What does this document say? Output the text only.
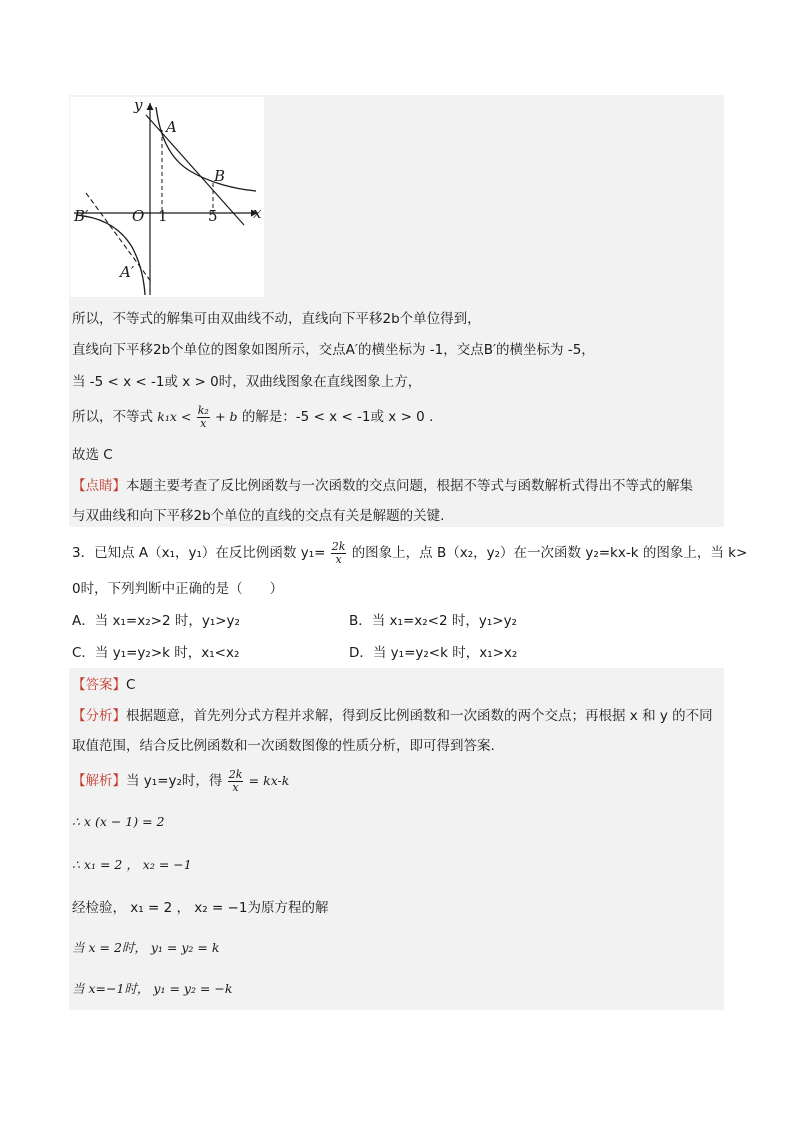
y
x
O
A
B
B′
A′
1	5
所以，不等式的解集可由双曲线不动，直线向下平移2b个单位得到，
直线向下平移2b个单位的图象如图所示，交点A′的横坐标为 -1，交点B′的横坐标为 -5，
当 -5 < x < -1或 x > 0时，双曲线图象在直线图象上方，
所以，不等式 $k_1x < \frac{\text{k₂}}{x} + b$ 的解是：-5 < x < -1或 x > 0 .
故选 C
【点睛】本题主要考查了反比例函数与一次函数的交点问题，根据不等式与函数解析式得出不等式的解集
与双曲线和向下平移2b个单位的直线的交点有关是解题的关键.
3．已知点 A（x₁，y₁）在反比例函数 $y_1= \frac{2k}{x}$ 的图象上，点 B（x₂，y₂）在一次函数 y₂=kx-k 的图象上，当 k>
0时，下列判断中正确的是（　　）
A．当 x₁=x₂>2 时，y₁>y₂	B．当 x₁=x₂<2 时，y₁>y₂
C．当 y₁=y₂>k 时，x₁<x₂	D．当 y₁=y₂<k 时，x₁>x₂
【答案】C
【分析】根据题意，首先列分式方程并求解，得到反比例函数和一次函数的两个交点；再根据 x 和 y 的不同
取值范围，结合反比例函数和一次函数图像的性质分析，即可得到答案.
【解析】当 y₁=y₂时，得 $\frac{2k}{x} = kx-k$
∴ x (x − 1) = 2
∴ x₁ = 2 ， x₂ = −1
经检验， x₁ = 2 ， x₂ = −1为原方程的解
当 x = 2时， y₁ = y₂ = k
当 x=−1时， y₁ = y₂ = −k
